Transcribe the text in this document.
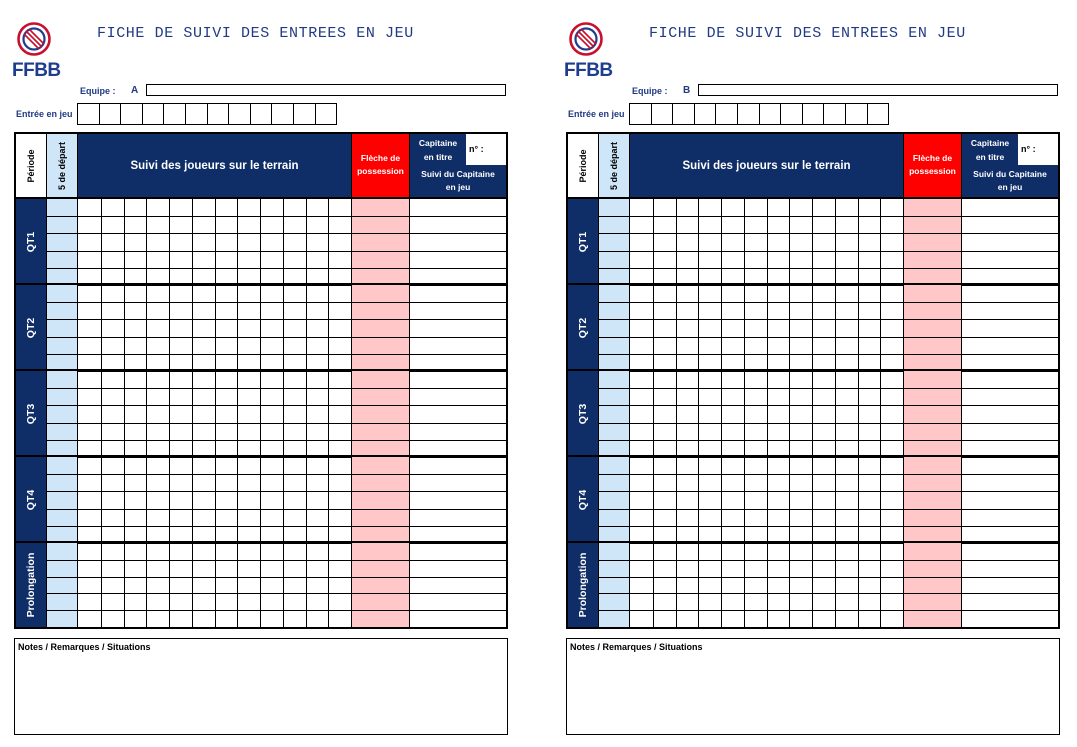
FFBB
FICHE DE SUIVI DES ENTREES EN JEU
Equipe : A
Entrée en jeu
Période 5 de départ	Suivi des joueurs sur le terrain
Flèche de
possession
Capitaine
en titre
n° :
Suivi du Capitaine
en jeu
QT1
QT2
QT3
QT4
Prolongation
Notes / Remarques / Situations
FFBB
FICHE DE SUIVI DES ENTREES EN JEU
Equipe : B
Entrée en jeu
Période 5 de départ	Suivi des joueurs sur le terrain
Flèche de
possession
Capitaine
en titre
n° :
Suivi du Capitaine
en jeu
QT1
QT2
QT3
QT4
Prolongation
Notes / Remarques / Situations
